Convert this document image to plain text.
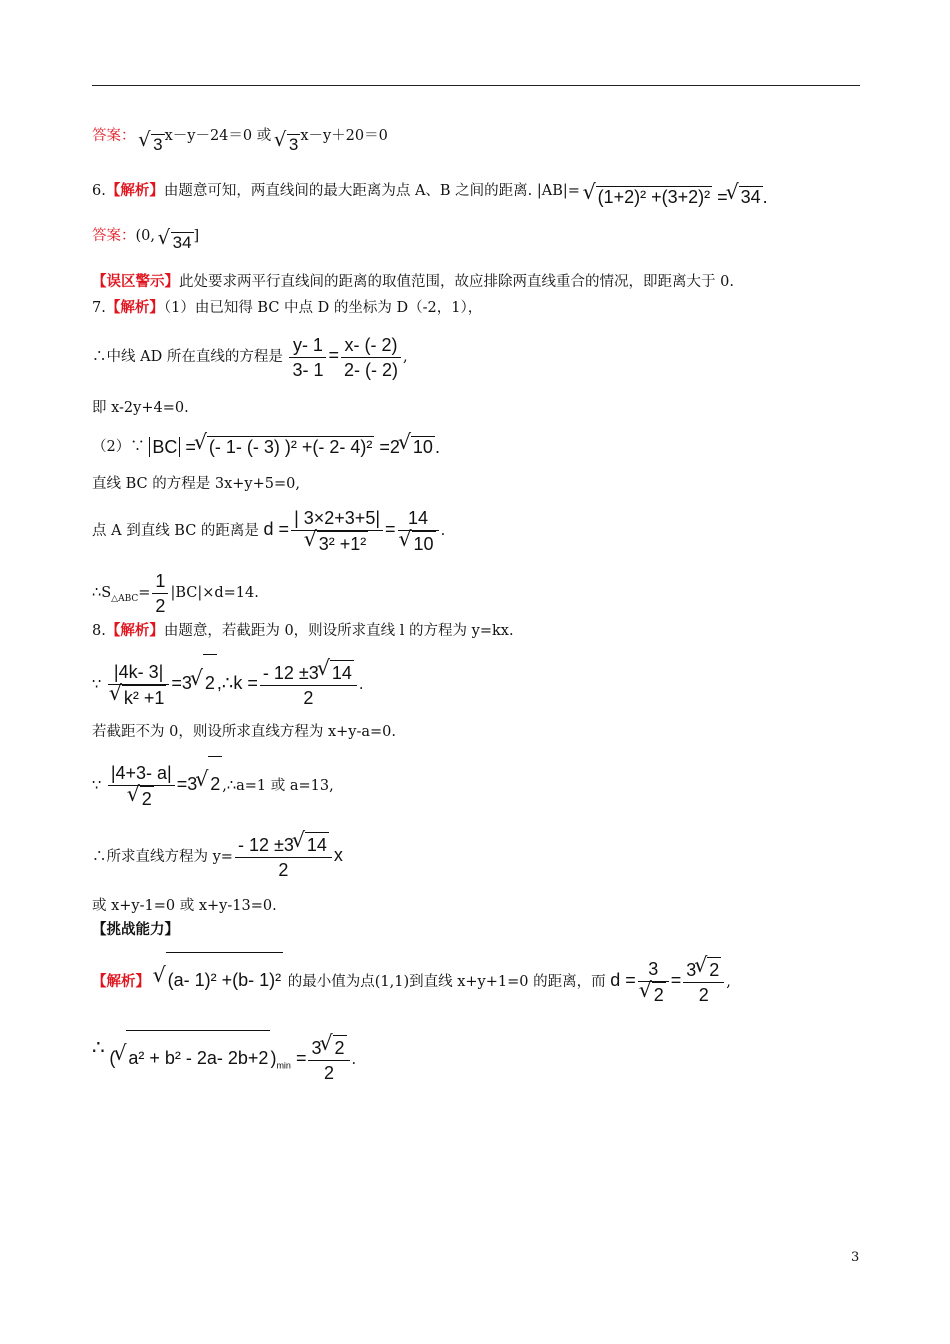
答案： √ 3 x－y－24＝0 或 √ 3 x－y＋20＝0
6.【解析】由题意可知，两直线间的最大距离为点 A、B 之间的距离. |AB|= √ (1+2)² +(3+2)² = √ 34 .
答案：(0, √ 34 ]
【误区警示】此处要求两平行直线间的距离的取值范围，故应排除两直线重合的情况，即距离大于 0.
7.【解析】（1）由已知得 BC 中点 D 的坐标为 D（-2，1），
∴中线 AD 所在直线的方程是 $\frac{y- 1}{3- 1} = \frac{x- (- 2)}{2- (- 2)}$ ,
即 x-2y+4=0.
（2）∵ BC = √ (- 1- (- 3) )² +(- 2- 4)² =2 √ 10 .
直线 BC 的方程是 3x+y+5=0,
点 A 到直线 BC 的距离是 d = | 3×2+3+5|
√ 3² +1² = 14
√ 10 .
$\therefore S_{\triangle ABC}= \frac{1}{2} |BC|\times d=14$.
8.【解析】由题意，若截距为 0，则设所求直线 l 的方程为 y=kx.
∵ |4k- 3|
√ k² +1 =3 √ 2 ,∴k = $\frac{- 12 \pm 3 √ 14}{2}$ .
若截距不为 0，则设所求直线方程为 x+y-a=0.
∵ |4+3- a|
√ 2 =3 √ 2 ,∴a=1 或 a=13,
∴所求直线方程为 $y= \frac{- 12 \pm 3 √ 14}{2}$ x
或 x+y-1=0 或 x+y-13=0.
【挑战能力】
【解析】 √ (a- 1)² +(b- 1)² 的最小值为点(1,1)到直线 x+y+1=0 的距离，而 d = 3
√ $2 = \frac{3 √ 2}{2}$ ,
∴ ( √ a² + b² - 2a- 2b+2 )$_{min} = \frac{3 √ 2}{2}$ .
3
